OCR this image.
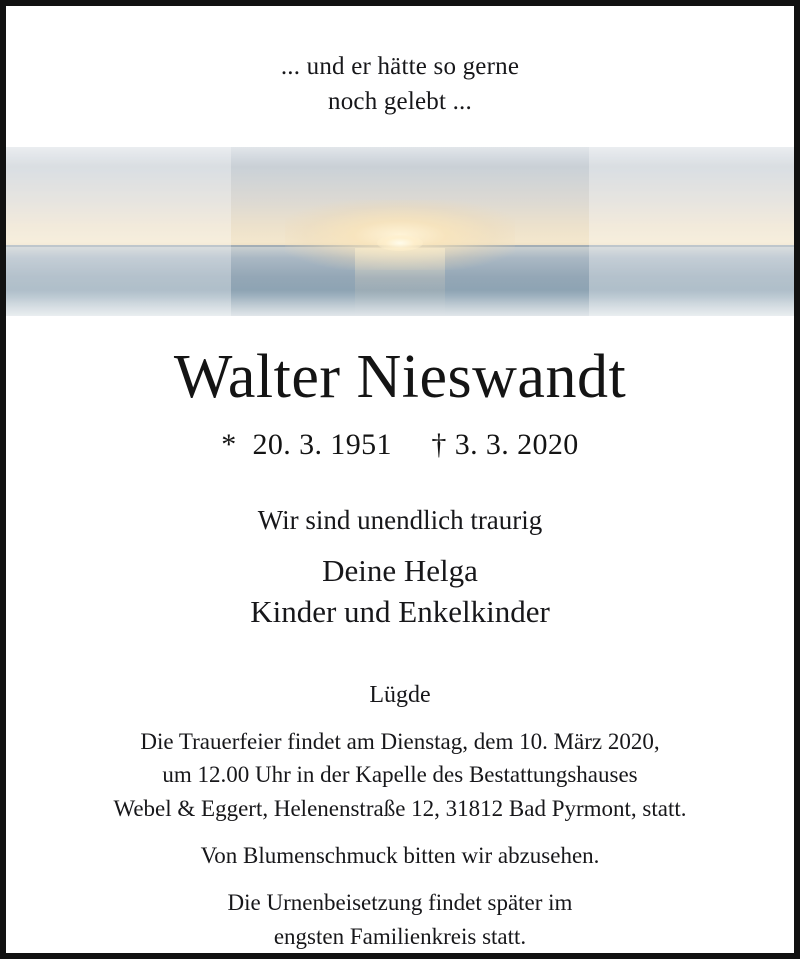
... und er hätte so gerne
noch gelebt ...
Walter Nieswandt
*  20. 3. 1951     † 3. 3. 2020
Wir sind unendlich traurig
Deine Helga
Kinder und Enkelkinder
Lügde
Die Trauerfeier findet am Dienstag, dem 10. März 2020,
um 12.00 Uhr in der Kapelle des Bestattungshauses
Webel & Eggert, Helenenstraße 12, 31812 Bad Pyrmont, statt.
Von Blumenschmuck bitten wir abzusehen.
Die Urnenbeisetzung findet später im
engsten Familienkreis statt.
